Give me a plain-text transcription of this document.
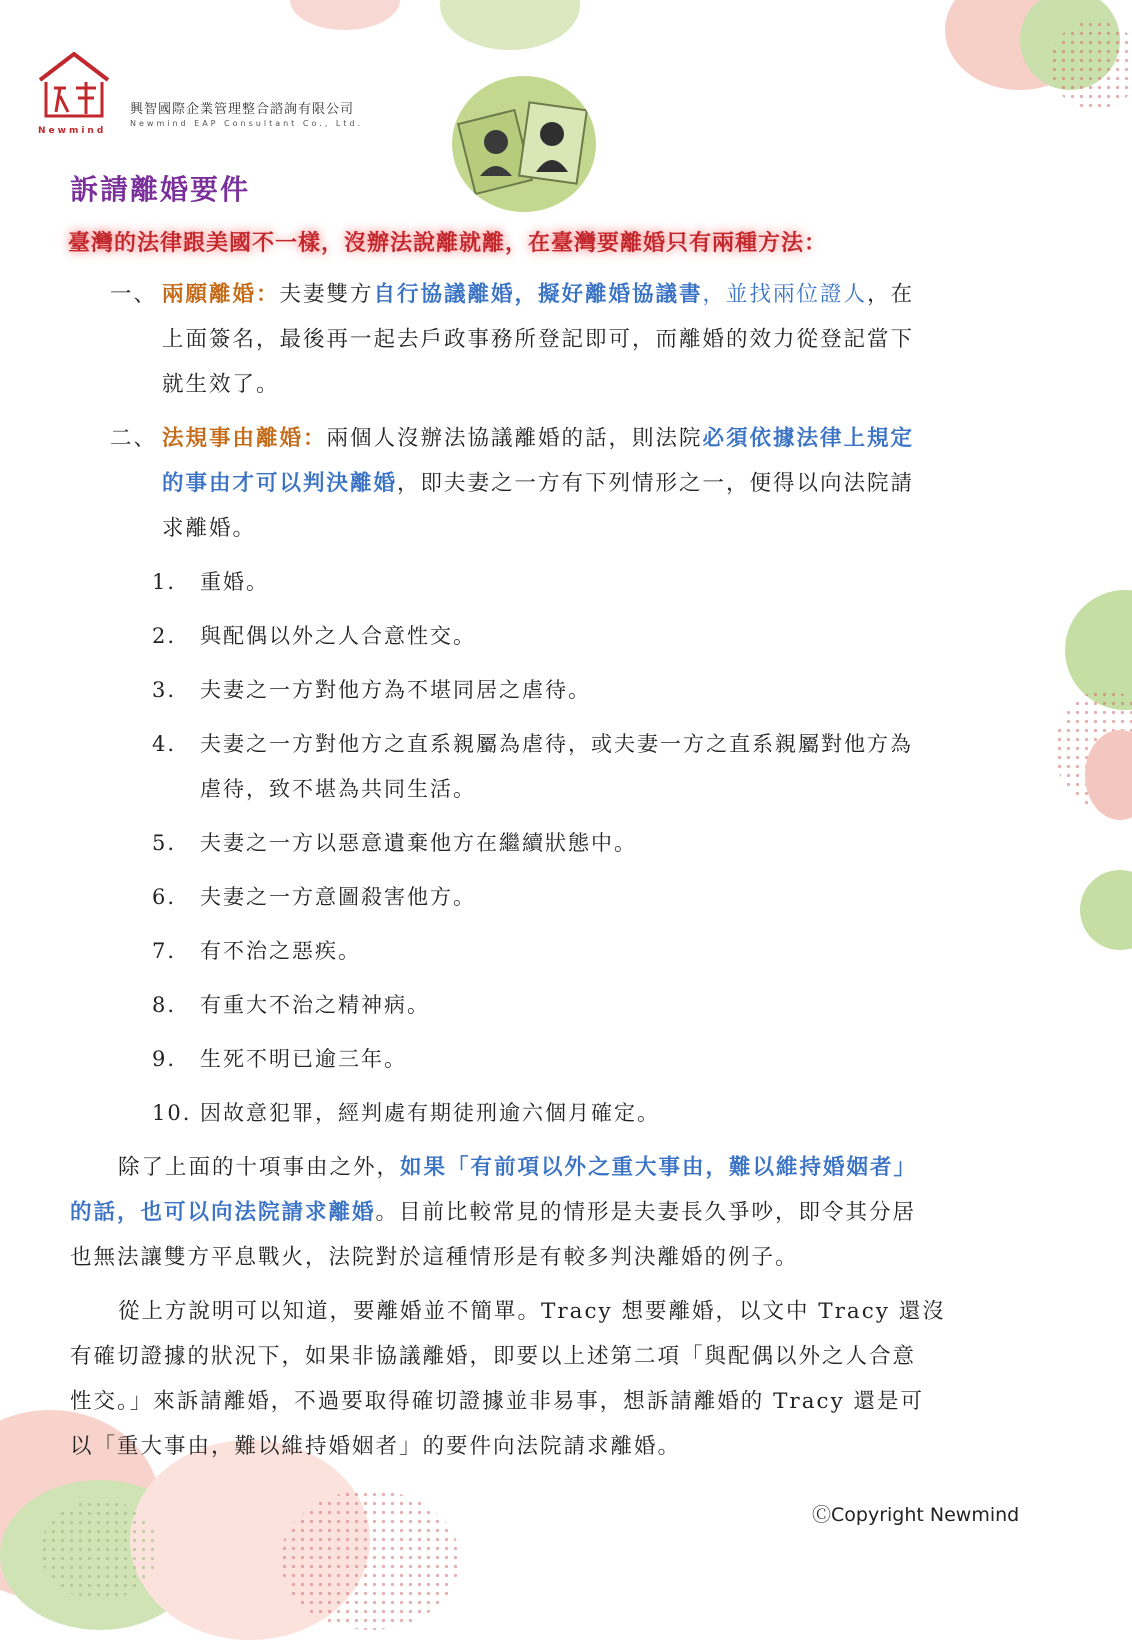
Newmind
興智國際企業管理整合諮詢有限公司
Newmind EAP Consultant Co., Ltd.
訴請離婚要件
臺灣的法律跟美國不一樣，沒辦法說離就離，在臺灣要離婚只有兩種方法：
一、 兩願離婚：夫妻雙方自行協議離婚，擬好離婚協議書，並找兩位證人，在
上面簽名，最後再一起去戶政事務所登記即可，而離婚的效力從登記當下
就生效了。
二、 法規事由離婚：兩個人沒辦法協議離婚的話，則法院必須依據法律上規定
的事由才可以判決離婚，即夫妻之一方有下列情形之一，便得以向法院請
求離婚。
1. 重婚。
2. 與配偶以外之人合意性交。
3. 夫妻之一方對他方為不堪同居之虐待。
4. 夫妻之一方對他方之直系親屬為虐待，或夫妻一方之直系親屬對他方為
虐待，致不堪為共同生活。
5. 夫妻之一方以惡意遺棄他方在繼續狀態中。
6. 夫妻之一方意圖殺害他方。
7. 有不治之惡疾。
8. 有重大不治之精神病。
9. 生死不明已逾三年。
10. 因故意犯罪，經判處有期徒刑逾六個月確定。
除了上面的十項事由之外，如果「有前項以外之重大事由，難以維持婚姻者」
的話，也可以向法院請求離婚。目前比較常見的情形是夫妻長久爭吵，即令其分居
也無法讓雙方平息戰火，法院對於這種情形是有較多判決離婚的例子。
從上方說明可以知道，要離婚並不簡單。Tracy 想要離婚，以文中 Tracy 還沒
有確切證據的狀況下，如果非協議離婚，即要以上述第二項「與配偶以外之人合意
性交。」來訴請離婚，不過要取得確切證據並非易事，想訴請離婚的 Tracy 還是可
以「重大事由，難以維持婚姻者」的要件向法院請求離婚。
ⒸCopyright Newmind
